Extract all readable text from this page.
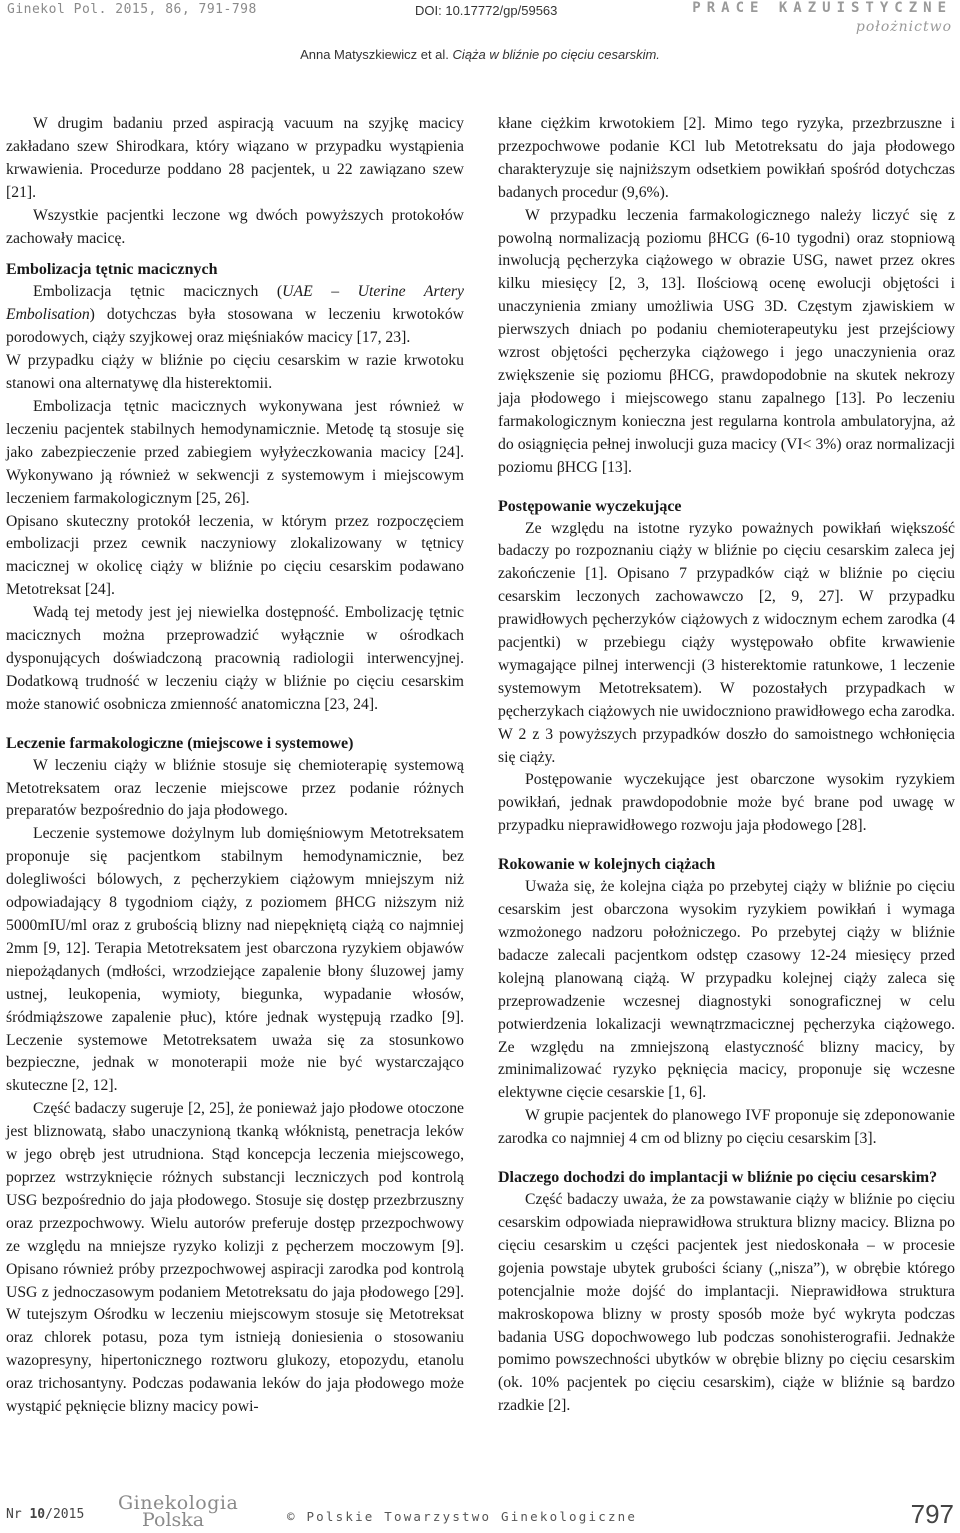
Ginekol Pol. 2015, 86, 791-798	DOI: 10.17772/gp/59563	PRACE KAZUISTYCZNE
położnictwo
Anna Matyszkiewicz et al. Ciąża w bliźnie po cięciu cesarskim.

W drugim badaniu przed aspiracją vacuum na szyjkę macicy zakładano szew Shirodkara, który wiązano w przypadku wystąpienia krwawienia. Procedurze poddano 28 pacjentek, u 22 zawiązano szew [21].

Wszystkie pacjentki leczone wg dwóch powyższych protokołów zachowały macicę.

Embolizacja tętnic macicznych

Embolizacja tętnic macicznych (UAE – Uterine Artery Embolisation) dotychczas była stosowana w leczeniu krwotoków porodowych, ciąży szyjkowej oraz mięśniaków macicy [17, 23].

W przypadku ciąży w bliźnie po cięciu cesarskim w razie krwotoku stanowi ona alternatywę dla histerektomii.

Embolizacja tętnic macicznych wykonywana jest również w leczeniu pacjentek stabilnych hemodynamicznie. Metodę tą stosuje się jako zabezpieczenie przed zabiegiem wyłyżeczkowania macicy [24]. Wykonywano ją również w sekwencji z systemowym i miejscowym leczeniem farmakologicznym [25, 26].

Opisano skuteczny protokół leczenia, w którym przez rozpoczęciem embolizacji przez cewnik naczyniowy zlokalizowany w tętnicy macicznej w okolicę ciąży w bliźnie po cięciu cesarskim podawano Metotreksat [24].

Wadą tej metody jest jej niewielka dostępność. Embolizację tętnic macicznych można przeprowadzić wyłącznie w ośrodkach dysponujących doświadczoną pracownią radiologii interwencyjnej. Dodatkową trudność w leczeniu ciąży w bliźnie po cięciu cesarskim może stanowić osobnicza zmienność anatomiczna [23, 24].

Leczenie farmakologiczne (miejscowe i systemowe)

W leczeniu ciąży w bliźnie stosuje się chemioterapię systemową Metotreksatem oraz leczenie miejscowe przez podanie różnych preparatów bezpośrednio do jaja płodowego.

Leczenie systemowe dożylnym lub domięśniowym Metotreksatem proponuje się pacjentkom stabilnym hemodynamicznie, bez dolegliwości bólowych, z pęcherzykiem ciążowym mniejszym niż odpowiadający 8 tygodniom ciąży, z poziomem βHCG niższym niż 5000mIU/ml oraz z grubością blizny nad niepękniętą ciążą co najmniej 2mm [9, 12]. Terapia Metotreksatem jest obarczona ryzykiem objawów niepożądanych (mdłości, wrzodziejące zapalenie błony śluzowej jamy ustnej, leukopenia, wymioty, biegunka, wypadanie włosów, śródmiąższowe zapalenie płuc), które jednak występują rzadko [9]. Leczenie systemowe Metotreksatem uważa się za stosunkowo bezpieczne, jednak w monoterapii może nie być wystarczająco skuteczne [2, 12].

Część badaczy sugeruje [2, 25], że ponieważ jajo płodowe otoczone jest bliznowatą, słabo unaczynioną tkanką włóknistą, penetracja leków w jego obręb jest utrudniona. Stąd koncepcja leczenia miejscowego, poprzez wstrzyknięcie różnych substancji leczniczych pod kontrolą USG bezpośrednio do jaja płodowego. Stosuje się dostęp przezbrzuszny oraz przezpochwowy. Wielu autorów preferuje dostęp przezpochwowy ze względu na mniejsze ryzyko kolizji z pęcherzem moczowym [9]. Opisano również próby przezpochwowej aspiracji zarodka pod kontrolą USG z jednoczasowym podaniem Metotreksatu do jaja płodowego [29]. W tutejszym Ośrodku w leczeniu miejscowym stosuje się Metotreksat oraz chlorek potasu, poza tym istnieją doniesienia o stosowaniu wazopresyny, hipertonicznego roztworu glukozy, etopozydu, etanolu oraz trichosantyny. Podczas podawania leków do jaja płodowego może wystąpić pęknięcie blizny macicy powi-

kłane ciężkim krwotokiem [2]. Mimo tego ryzyka, przezbrzuszne i przezpochwowe podanie KCl lub Metotreksatu do jaja płodowego charakteryzuje się najniższym odsetkiem powikłań spośród dotychczas badanych procedur (9,6%).

W przypadku leczenia farmakologicznego należy liczyć się z powolną normalizacją poziomu βHCG (6-10 tygodni) oraz stopniową inwolucją pęcherzyka ciążowego w obrazie USG, nawet przez okres kilku miesięcy [2, 3, 13]. Ilościową ocenę ewolucji objętości i unaczynienia zmiany umożliwia USG 3D. Częstym zjawiskiem w pierwszych dniach po podaniu chemioterapeutyku jest przejściowy wzrost objętości pęcherzyka ciążowego i jego unaczynienia oraz zwiększenie się poziomu βHCG, prawdopodobnie na skutek nekrozy jaja płodowego i miejscowego stanu zapalnego [13]. Po leczeniu farmakologicznym konieczna jest regularna kontrola ambulatoryjna, aż do osiągnięcia pełnej inwolucji guza macicy (VI< 3%) oraz normalizacji poziomu βHCG [13].

Postępowanie wyczekujące

Ze względu na istotne ryzyko poważnych powikłań większość badaczy po rozpoznaniu ciąży w bliźnie po cięciu cesarskim zaleca jej zakończenie [1]. Opisano 7 przypadków ciąż w bliźnie po cięciu cesarskim leczonych zachowawczo [2, 9, 27]. W przypadku prawidłowych pęcherzyków ciążowych z widocznym echem zarodka (4 pacjentki) w przebiegu ciąży występowało obfite krwawienie wymagające pilnej interwencji (3 histerektomie ratunkowe, 1 leczenie systemowym Metotreksatem). W pozostałych przypadkach w pęcherzykach ciążowych nie uwidoczniono prawidłowego echa zarodka. W 2 z 3 powyższych przypadków doszło do samoistnego wchłonięcia się ciąży.

Postępowanie wyczekujące jest obarczone wysokim ryzykiem powikłań, jednak prawdopodobnie może być brane pod uwagę w przypadku nieprawidłowego rozwoju jaja płodowego [28].

Rokowanie w kolejnych ciążach

Uważa się, że kolejna ciąża po przebytej ciąży w bliźnie po cięciu cesarskim jest obarczona wysokim ryzykiem powikłań i wymaga wzmożonego nadzoru położniczego. Po przebytej ciąży w bliźnie badacze zalecali pacjentkom odstęp czasowy 12-24 miesięcy przed kolejną planowaną ciążą. W przypadku kolejnej ciąży zaleca się przeprowadzenie wczesnej diagnostyki sonograficznej w celu potwierdzenia lokalizacji wewnątrzmacicznej pęcherzyka ciążowego. Ze względu na zmniejszoną elastyczność blizny macicy, by zminimalizować ryzyko pęknięcia macicy, proponuje się wczesne elektywne cięcie cesarskie [1, 6].

W grupie pacjentek do planowego IVF proponuje się zdeponowanie zarodka co najmniej 4 cm od blizny po cięciu cesarskim [3].

Dlaczego dochodzi do implantacji w bliźnie po cięciu cesarskim?

Część badaczy uważa, że za powstawanie ciąży w bliźnie po cięciu cesarskim odpowiada nieprawidłowa struktura blizny macicy. Blizna po cięciu cesarskim u części pacjentek jest niedoskonała – w procesie gojenia powstaje ubytek grubości ściany („nisza”), w obrębie którego potencjalnie może dojść do implantacji. Nieprawidłowa struktura makroskopowa blizny w prosty sposób może być wykryta podczas badania USG dopochwowego lub podczas sonohisterografii. Jednakże pomimo powszechności ubytków w obrębie blizny po cięciu cesarskim (ok. 10% pacjentek po cięciu cesarskim), ciąże w bliźnie są bardzo rzadkie [2].

Nr 10/2015
Ginekologia
Polska	© Polskie Towarzystwo Ginekologiczne	797
